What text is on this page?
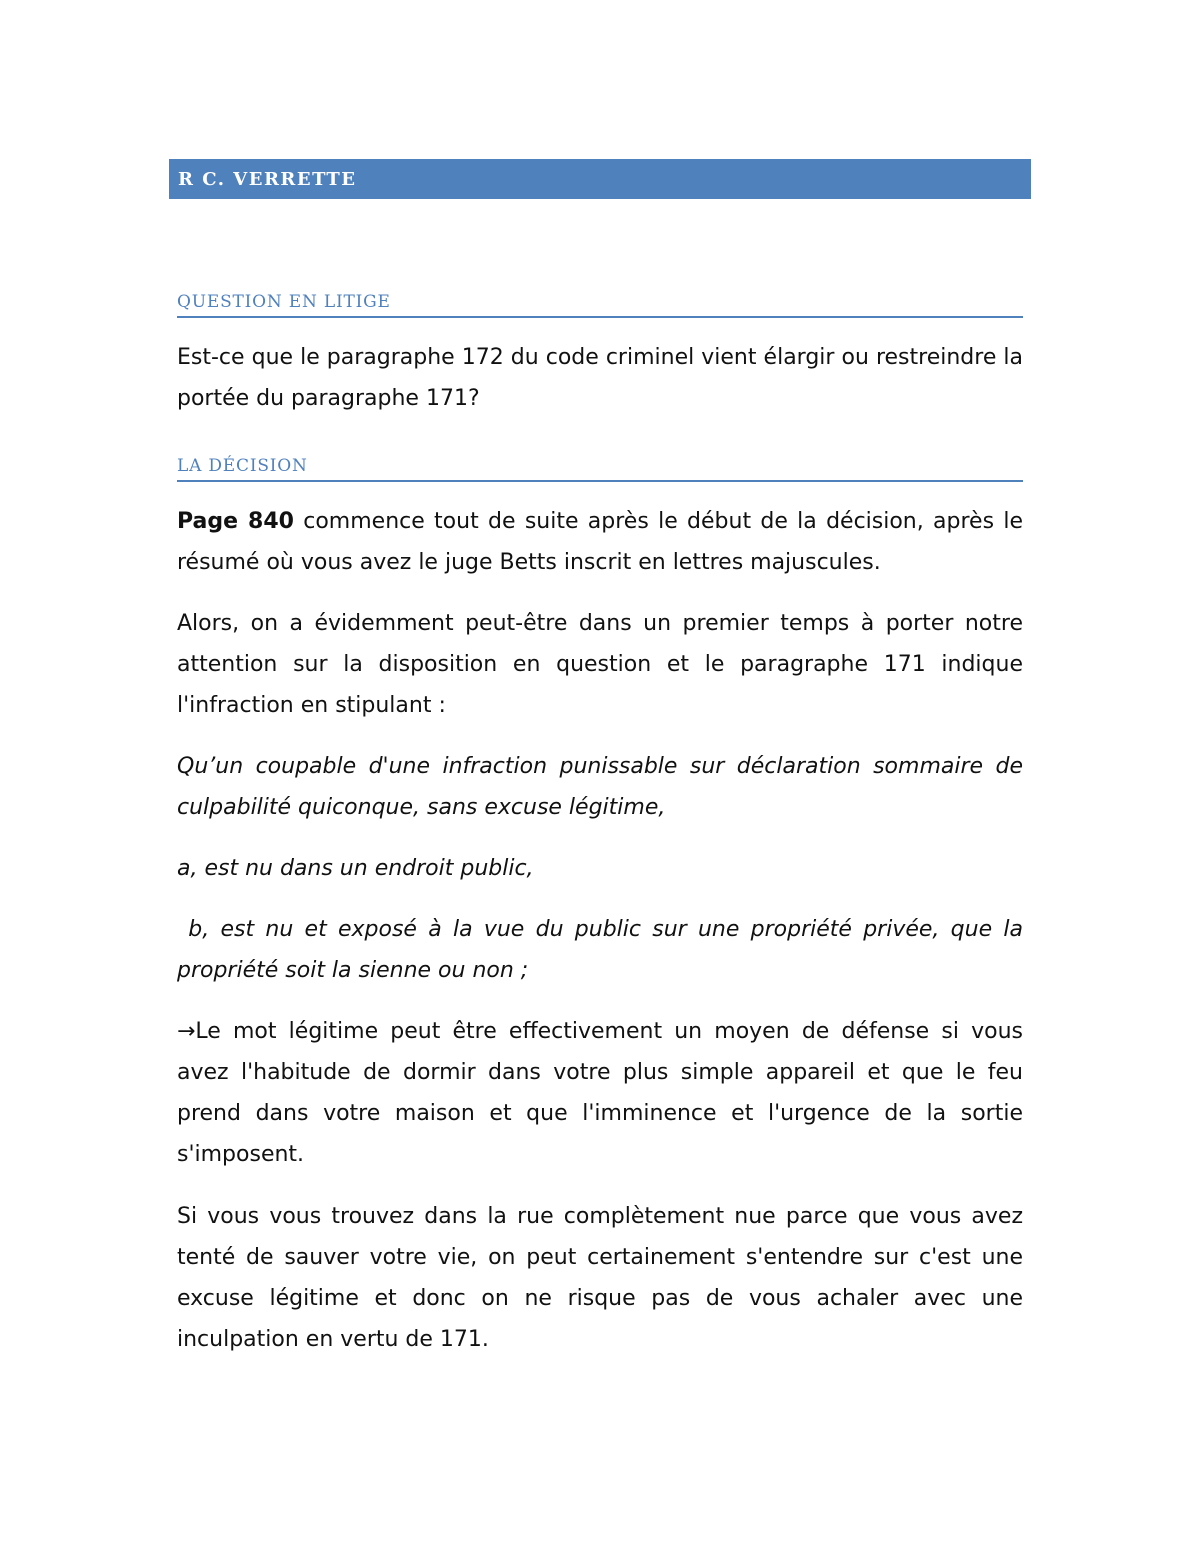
R C. VERRETTE
QUESTION EN LITIGE

Est-ce que le paragraphe 172 du code criminel vient élargir ou restreindre la portée du paragraphe 171?

LA DÉCISION

Page 840 commence tout de suite après le début de la décision, après le résumé où vous avez le juge Betts inscrit en lettres majuscules.

Alors, on a évidemment peut-être dans un premier temps à porter notre attention sur la disposition en question et le paragraphe 171 indique l'infraction en stipulant :

Qu’un coupable d'une infraction punissable sur déclaration sommaire de culpabilité quiconque, sans excuse légitime,

a, est nu dans un endroit public,

b, est nu et exposé à la vue du public sur une propriété privée, que la propriété soit la sienne ou non ;

→Le mot légitime peut être effectivement un moyen de défense si vous avez l'habitude de dormir dans votre plus simple appareil et que le feu prend dans votre maison et que l'imminence et l'urgence de la sortie s'imposent.

Si vous vous trouvez dans la rue complètement nue parce que vous avez tenté de sauver votre vie, on peut certainement s'entendre sur c'est une excuse légitime et donc on ne risque pas de vous achaler avec une inculpation en vertu de 171.
